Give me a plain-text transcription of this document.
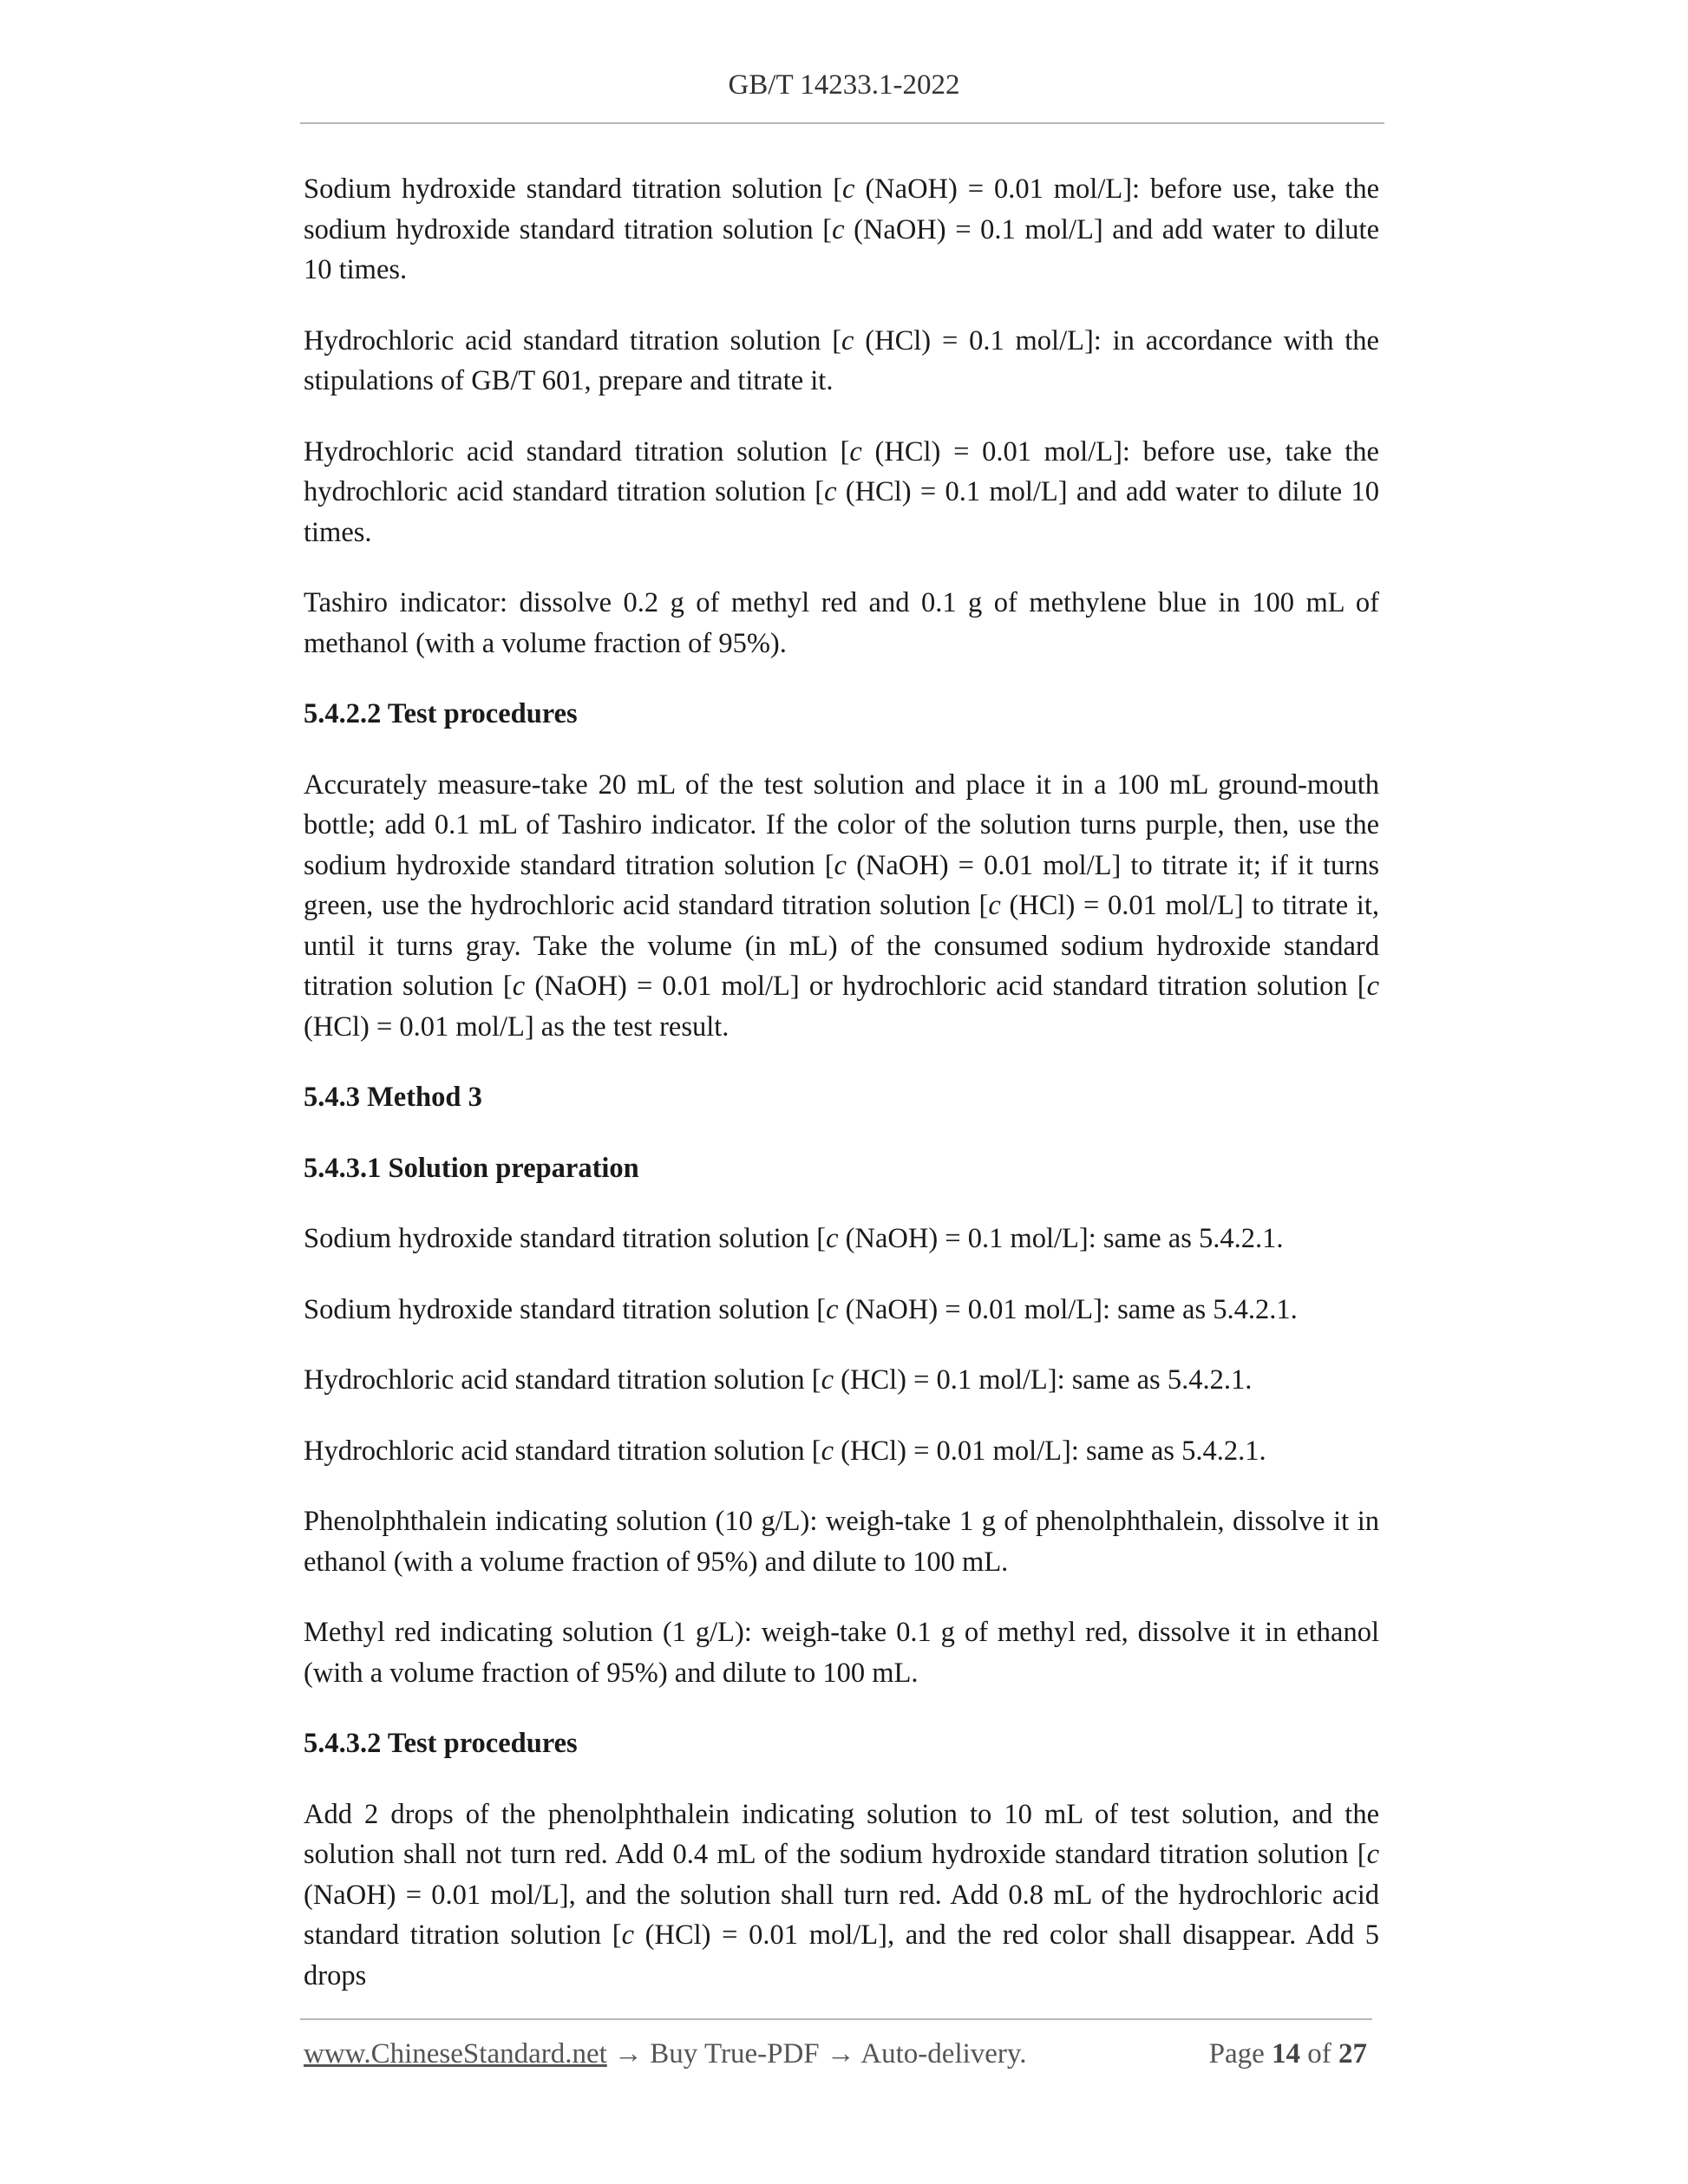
GB/T 14233.1-2022

Sodium hydroxide standard titration solution [c (NaOH) = 0.01 mol/L]: before use, take the sodium hydroxide standard titration solution [c (NaOH) = 0.1 mol/L] and add water to dilute 10 times.

Hydrochloric acid standard titration solution [c (HCl) = 0.1 mol/L]: in accordance with the stipulations of GB/T 601, prepare and titrate it.

Hydrochloric acid standard titration solution [c (HCl) = 0.01 mol/L]: before use, take the hydrochloric acid standard titration solution [c (HCl) = 0.1 mol/L] and add water to dilute 10 times.

Tashiro indicator: dissolve 0.2 g of methyl red and 0.1 g of methylene blue in 100 mL of methanol (with a volume fraction of 95%).

5.4.2.2 Test procedures

Accurately measure-take 20 mL of the test solution and place it in a 100 mL ground-mouth bottle; add 0.1 mL of Tashiro indicator. If the color of the solution turns purple, then, use the sodium hydroxide standard titration solution [c (NaOH) = 0.01 mol/L] to titrate it; if it turns green, use the hydrochloric acid standard titration solution [c (HCl) = 0.01 mol/L] to titrate it, until it turns gray. Take the volume (in mL) of the consumed sodium hydroxide standard titration solution [c (NaOH) = 0.01 mol/L] or hydrochloric acid standard titration solution [c (HCl) = 0.01 mol/L] as the test result.

5.4.3 Method 3

5.4.3.1 Solution preparation

Sodium hydroxide standard titration solution [c (NaOH) = 0.1 mol/L]: same as 5.4.2.1.

Sodium hydroxide standard titration solution [c (NaOH) = 0.01 mol/L]: same as 5.4.2.1.

Hydrochloric acid standard titration solution [c (HCl) = 0.1 mol/L]: same as 5.4.2.1.

Hydrochloric acid standard titration solution [c (HCl) = 0.01 mol/L]: same as 5.4.2.1.

Phenolphthalein indicating solution (10 g/L): weigh-take 1 g of phenolphthalein, dissolve it in ethanol (with a volume fraction of 95%) and dilute to 100 mL.

Methyl red indicating solution (1 g/L): weigh-take 0.1 g of methyl red, dissolve it in ethanol (with a volume fraction of 95%) and dilute to 100 mL.

5.4.3.2 Test procedures

Add 2 drops of the phenolphthalein indicating solution to 10 mL of test solution, and the solution shall not turn red. Add 0.4 mL of the sodium hydroxide standard titration solution [c (NaOH) = 0.01 mol/L], and the solution shall turn red. Add 0.8 mL of the hydrochloric acid standard titration solution [c (HCl) = 0.01 mol/L], and the red color shall disappear. Add 5 drops

www.ChineseStandard.net → Buy True-PDF → Auto-delivery.	Page 14 of 27
